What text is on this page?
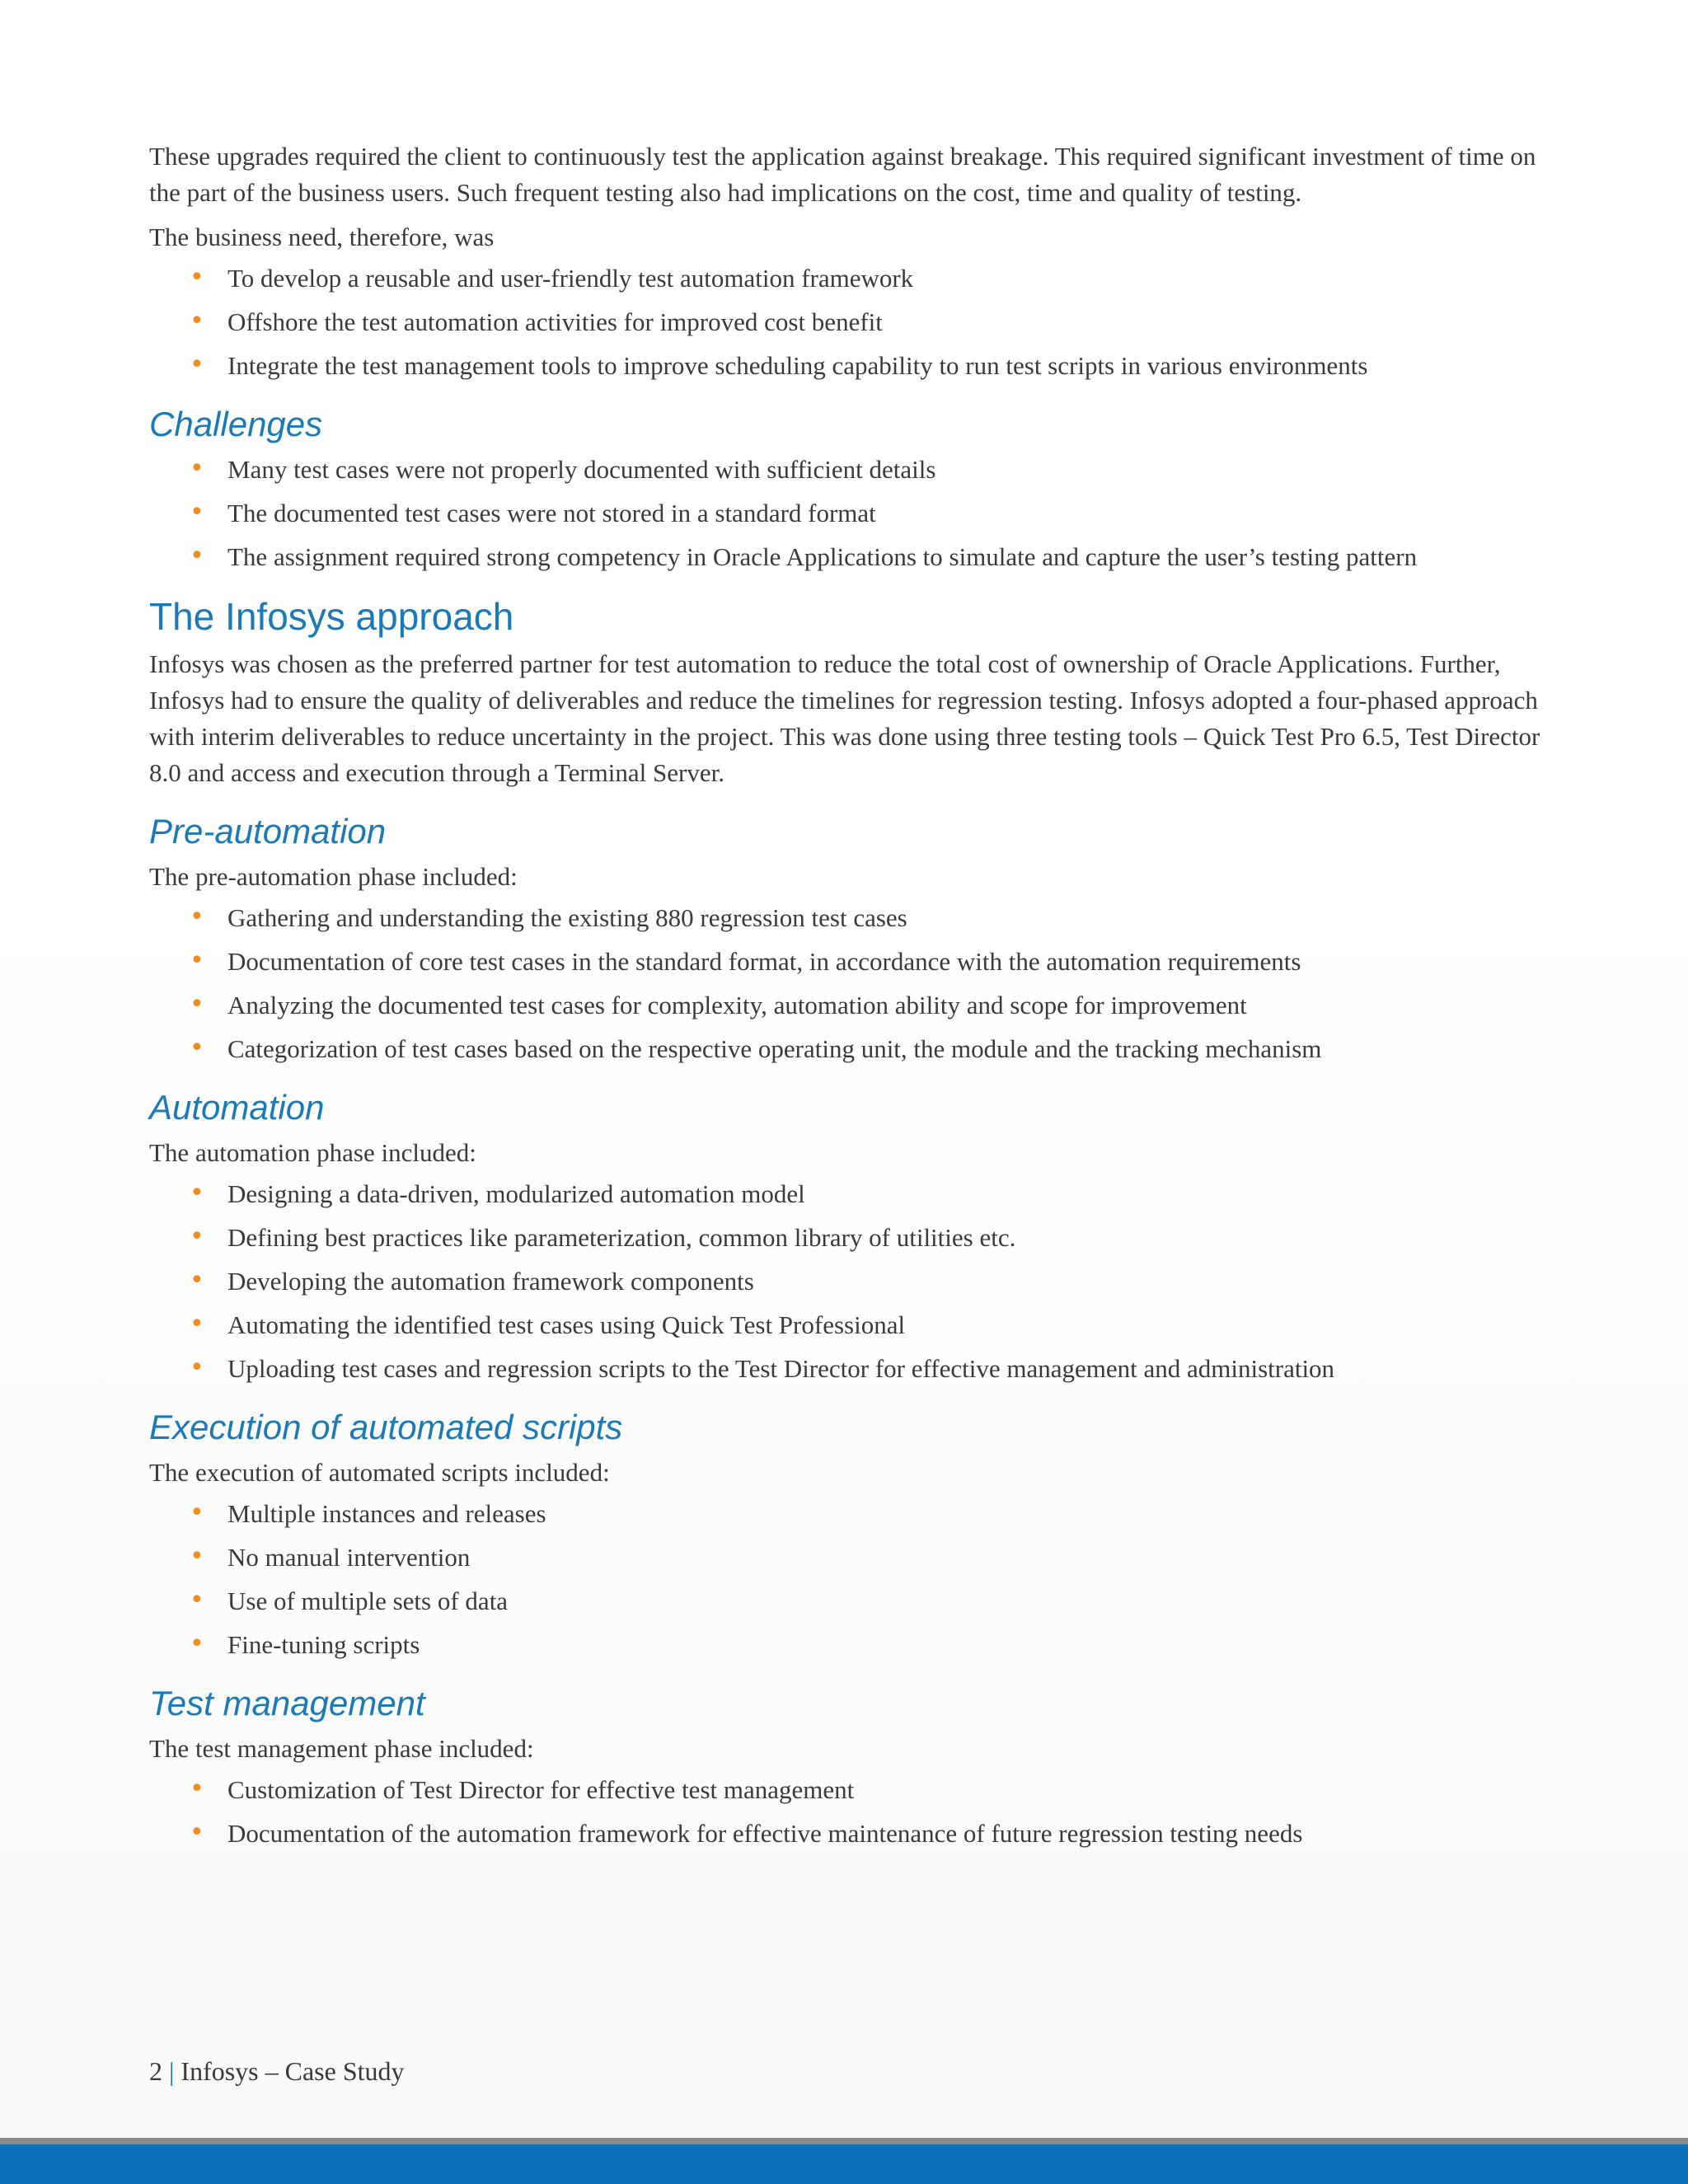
These upgrades required the client to continuously test the application against breakage. This required significant investment of time on the part of the business users. Such frequent testing also had implications on the cost, time and quality of testing.

The business need, therefore, was

• To develop a reusable and user-friendly test automation framework
• Offshore the test automation activities for improved cost benefit
• Integrate the test management tools to improve scheduling capability to run test scripts in various environments
Challenges
• Many test cases were not properly documented with sufficient details
• The documented test cases were not stored in a standard format
• The assignment required strong competency in Oracle Applications to simulate and capture the user’s testing pattern
The Infosys approach

Infosys was chosen as the preferred partner for test automation to reduce the total cost of ownership of Oracle Applications. Further, Infosys had to ensure the quality of deliverables and reduce the timelines for regression testing. Infosys adopted a four-phased approach with interim deliverables to reduce uncertainty in the project. This was done using three testing tools – Quick Test Pro 6.5, Test Director 8.0 and access and execution through a Terminal Server.

Pre-automation

The pre-automation phase included:

• Gathering and understanding the existing 880 regression test cases
• Documentation of core test cases in the standard format, in accordance with the automation requirements
• Analyzing the documented test cases for complexity, automation ability and scope for improvement
• Categorization of test cases based on the respective operating unit, the module and the tracking mechanism
Automation

The automation phase included:

• Designing a data-driven, modularized automation model
• Defining best practices like parameterization, common library of utilities etc.
• Developing the automation framework components
• Automating the identified test cases using Quick Test Professional
• Uploading test cases and regression scripts to the Test Director for effective management and administration
Execution of automated scripts

The execution of automated scripts included:

• Multiple instances and releases
• No manual intervention
• Use of multiple sets of data
• Fine-tuning scripts
Test management

The test management phase included:

• Customization of Test Director for effective test management
• Documentation of the automation framework for effective maintenance of future regression testing needs
2 | Infosys – Case Study
